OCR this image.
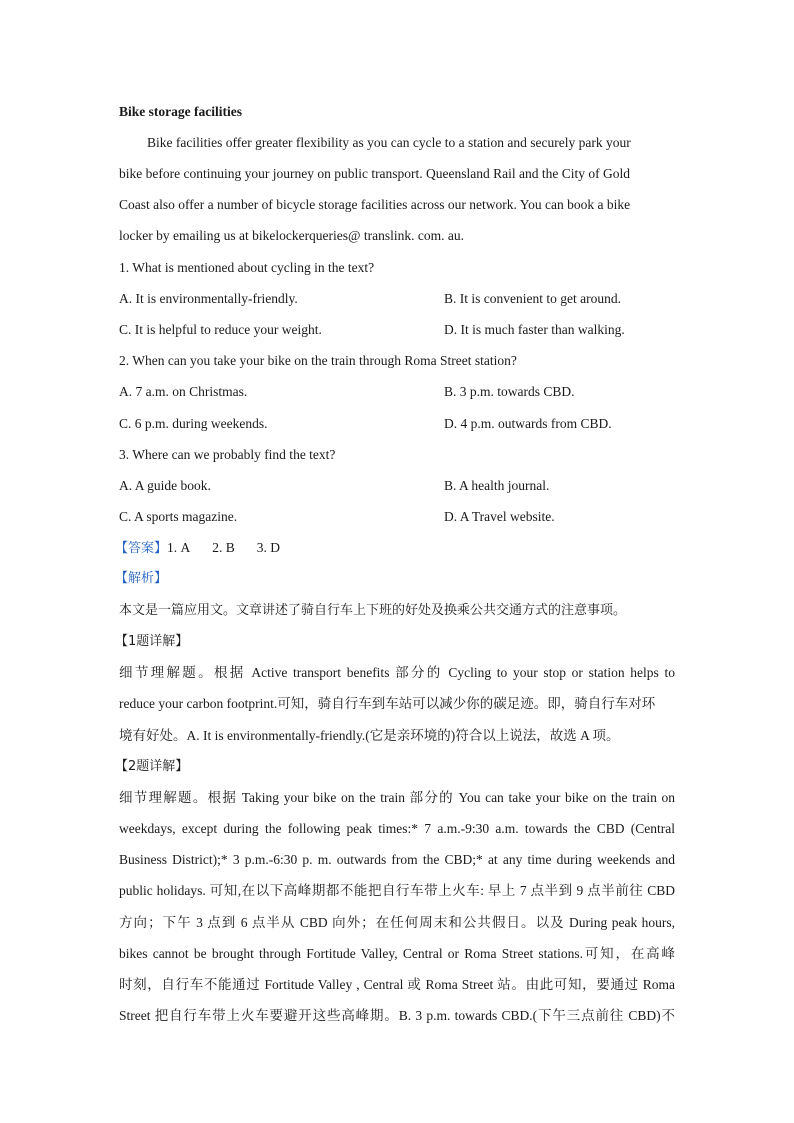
Bike storage facilities
Bike facilities offer greater flexibility as you can cycle to a station and securely park your
bike before continuing your journey on public transport. Queensland Rail and the City of Gold
Coast also offer a number of bicycle storage facilities across our network. You can book a bike
locker by emailing us at bikelockerqueries@ translink. com. au.
1. What is mentioned about cycling in the text?
A. It is environmentally-friendly.	B. It is convenient to get around.
C. It is helpful to reduce your weight.	D. It is much faster than walking.
2. When can you take your bike on the train through Roma Street station?
A. 7 a.m. on Christmas.	B. 3 p.m. towards CBD.
C. 6 p.m. during weekends.	D. 4 p.m. outwards from CBD.
3. Where can we probably find the text?
A. A guide book.	B. A health journal.
C. A sports magazine.	D. A Travel website.
【答案】1. A 2. B 3. D
【解析】
本文是一篇应用文。文章讲述了骑自行车上下班的好处及换乘公共交通方式的注意事项。
【1题详解】
细节理解题。根据 Active transport benefits 部分的 Cycling to your stop or station helps to
reduce your carbon footprint.可知，骑自行车到车站可以减少你的碳足迹。即，骑自行车对环
境有好处。A. It is environmentally-friendly.(它是亲环境的)符合以上说法，故选 A 项。
【2题详解】
细节理解题。根据 Taking your bike on the train 部分的 You can take your bike on the train on
weekdays, except during the following peak times:* 7 a.m.-9:30 a.m. towards the CBD (Central
Business District);* 3 p.m.-6:30 p. m. outwards from the CBD;* at any time during weekends and
public holidays. 可知,在以下高峰期都不能把自行车带上火车: 早上 7 点半到 9 点半前往 CBD
方向；下午 3 点到 6 点半从 CBD 向外；在任何周末和公共假日。以及 During peak hours,
bikes cannot be brought through Fortitude Valley, Central or Roma Street stations.可知，在高峰
时刻，自行车不能通过 Fortitude Valley , Central 或 Roma Street 站。由此可知，要通过 Roma
Street 把自行车带上火车要避开这些高峰期。B. 3 p.m. towards CBD.(下午三点前往 CBD)不
